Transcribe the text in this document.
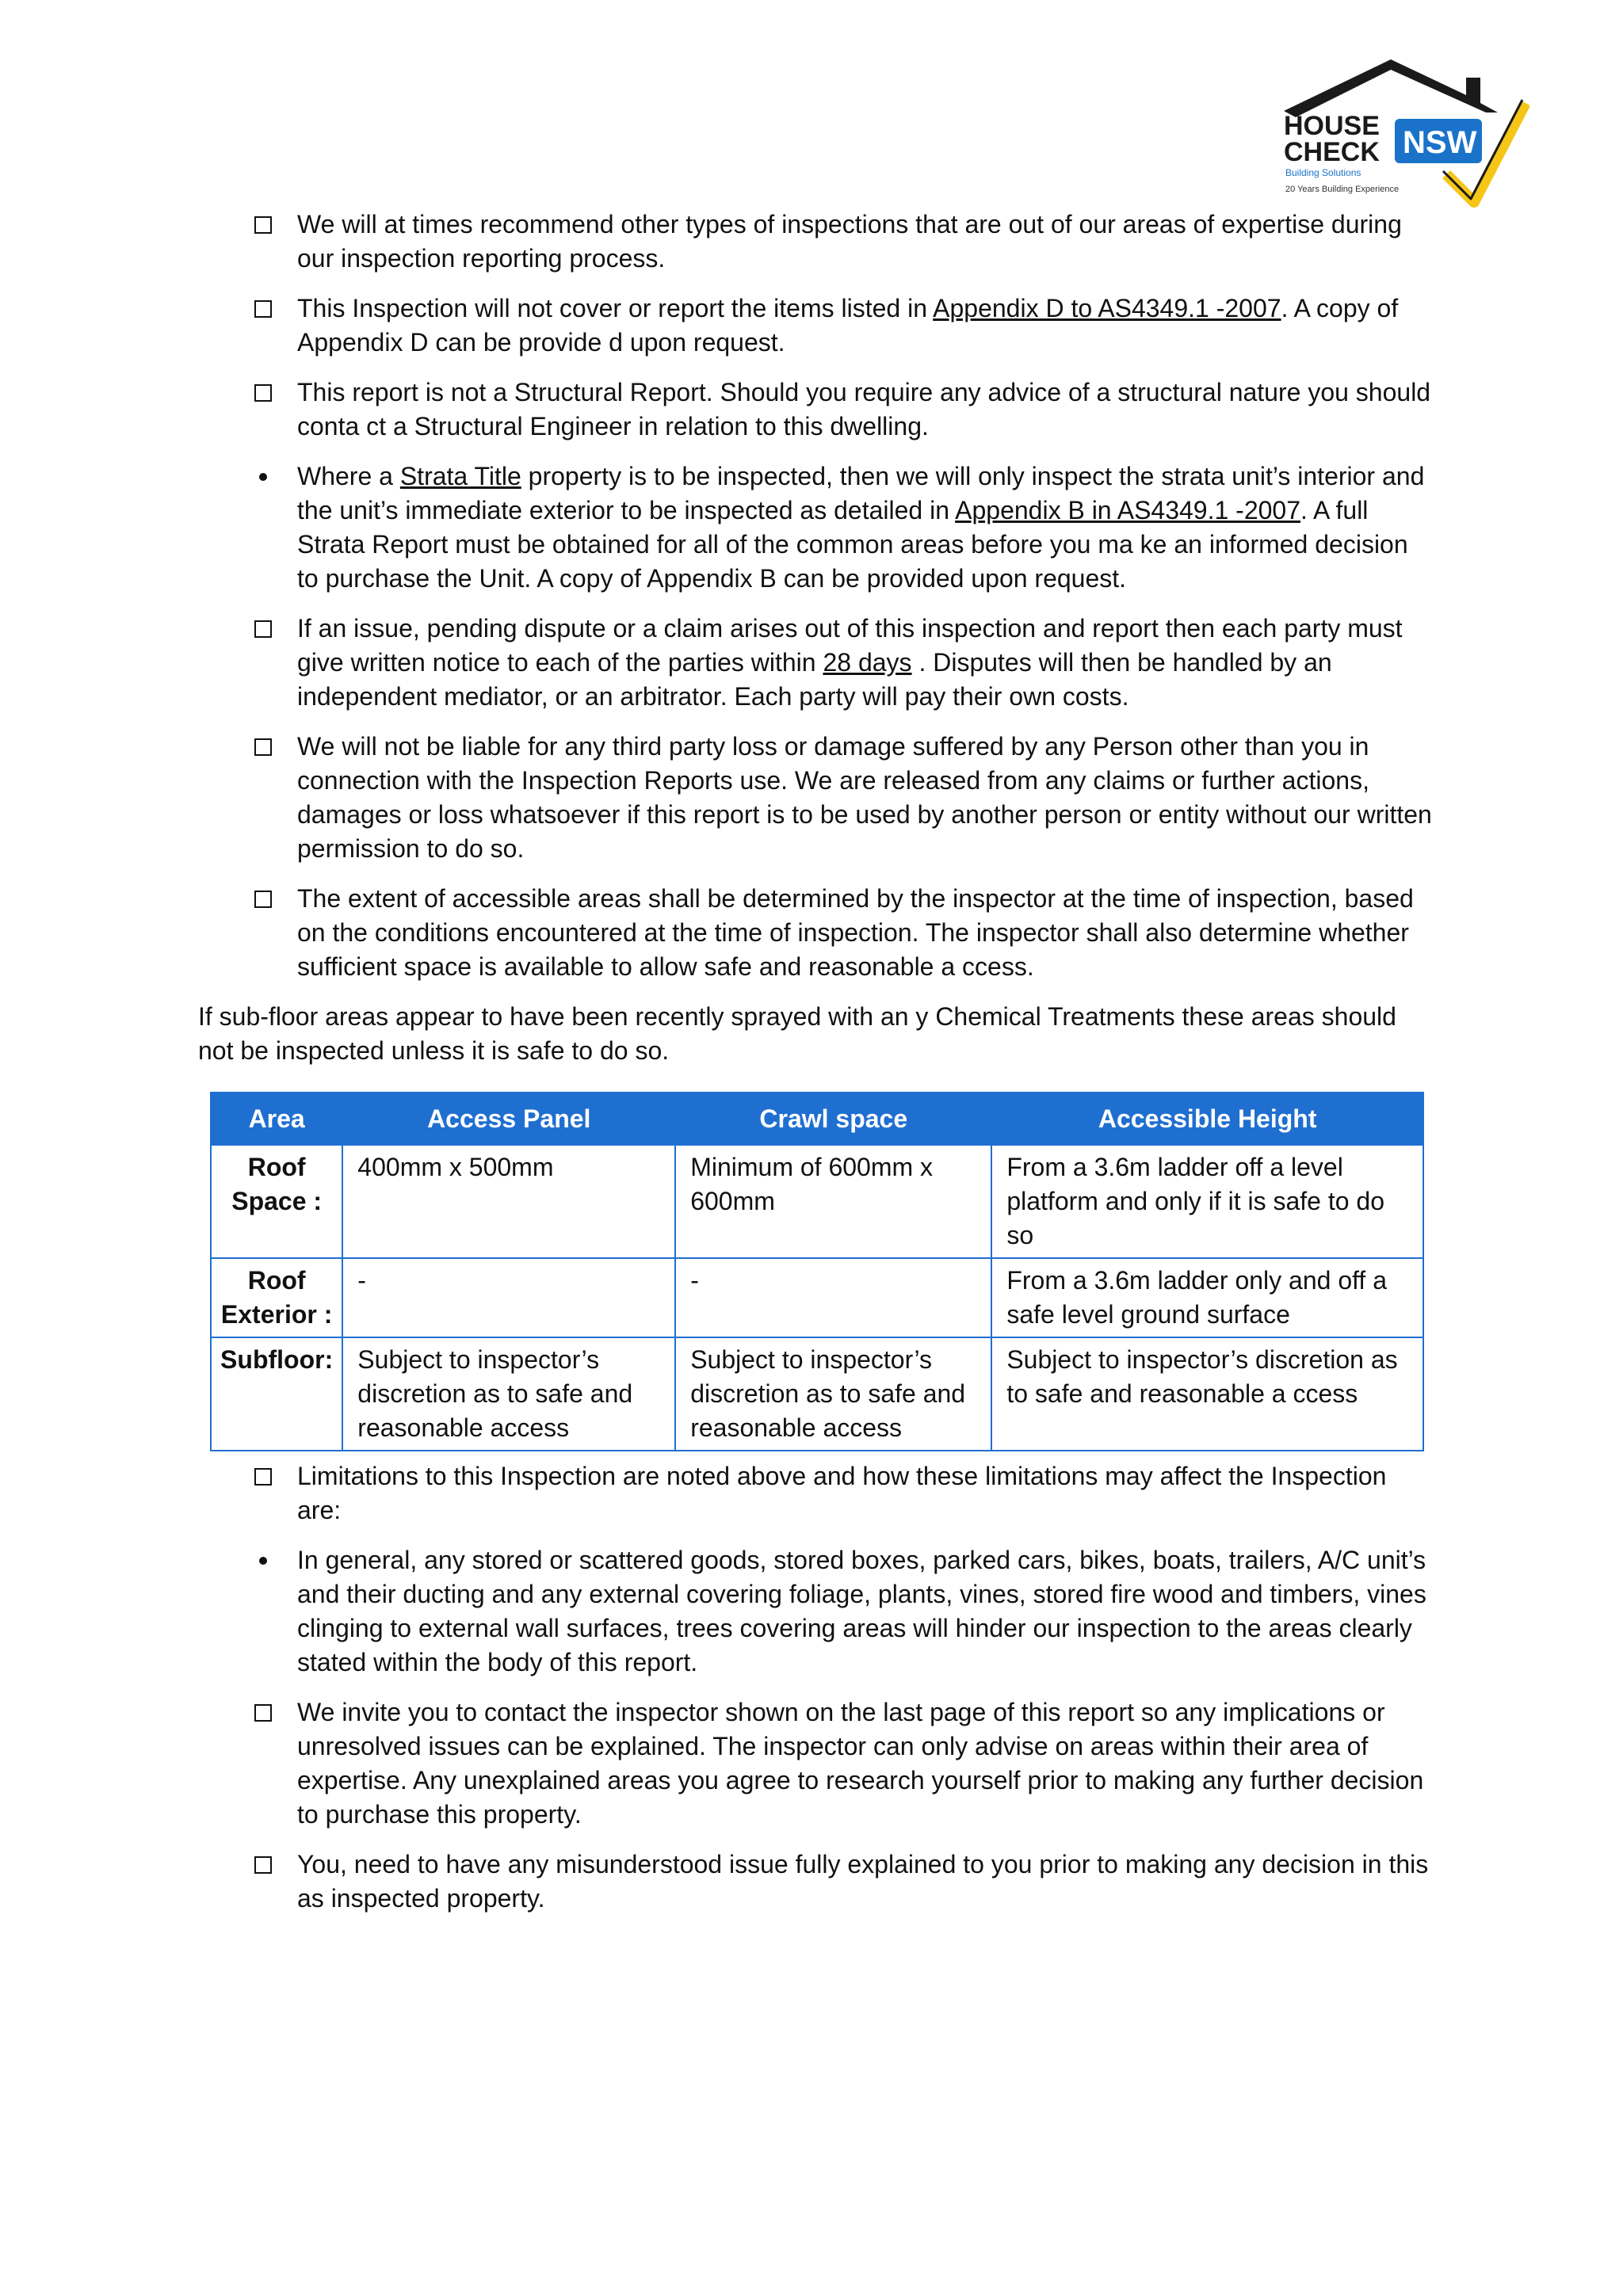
NSW
HOUSE
CHECK
Building Solutions
20 Years Building Experience
We will at times recommend other types of inspections that are out of our areas of expertise during our inspection reporting process.
This Inspection will not cover or report the items listed in Appendix D to AS4349.1 -2007. A copy of Appendix D can be provide d upon request.
This report is not a Structural Report. Should you require any advice of a structural nature you should conta ct a Structural Engineer in relation to this dwelling.
Where a Strata Title property is to be inspected, then we will only inspect the strata unit’s interior and the unit’s immediate exterior to be inspected as detailed in Appendix B in AS4349.1 -2007. A full Strata Report must be obtained for all of the common areas before you ma ke an informed decision to purchase the Unit. A copy of Appendix B can be provided upon request.
If an issue, pending dispute or a claim arises out of this inspection and report then each party must give written notice to each of the parties within 28 days . Disputes will then be handled by an independent mediator, or an arbitrator. Each party will pay their own costs.
We will not be liable for any third party loss or damage suffered by any Person other than you in connection with the Inspection Reports use. We are released from any claims or further actions, damages or loss whatsoever if this report is to be used by another person or entity without our written permission to do so.
The extent of accessible areas shall be determined by the inspector at the time of inspection, based on the conditions encountered at the time of inspection. The inspector shall also determine whether sufficient space is available to allow safe and reasonable a ccess.

If sub-floor areas appear to have been recently sprayed with an y Chemical Treatments these areas should not be inspected unless it is safe to do so.

Area	Access Panel	Crawl space	Accessible Height
Roof Space :	400mm x 500mm	Minimum of 600mm x 600mm	From a 3.6m ladder off a level platform and only if it is safe to do so
Roof Exterior :	-	-	From a 3.6m ladder only and off a safe level ground surface
Subfloor:	Subject to inspector’s discretion as to safe and reasonable access	Subject to inspector’s discretion as to safe and reasonable access	Subject to inspector’s discretion as to safe and reasonable a ccess
Limitations to this Inspection are noted above and how these limitations may affect the Inspection are:
In general, any stored or scattered goods, stored boxes, parked cars, bikes, boats, trailers, A/C unit’s and their ducting and any external covering foliage, plants, vines, stored fire wood and timbers, vines clinging to external wall surfaces, trees covering areas will hinder our inspection to the areas clearly stated within the body of this report.
We invite you to contact the inspector shown on the last page of this report so any implications or unresolved issues can be explained. The inspector can only advise on areas within their area of expertise. Any unexplained areas you agree to research yourself prior to making any further decision to purchase this property.
You, need to have any misunderstood issue fully explained to you prior to making any decision in this as inspected property.
